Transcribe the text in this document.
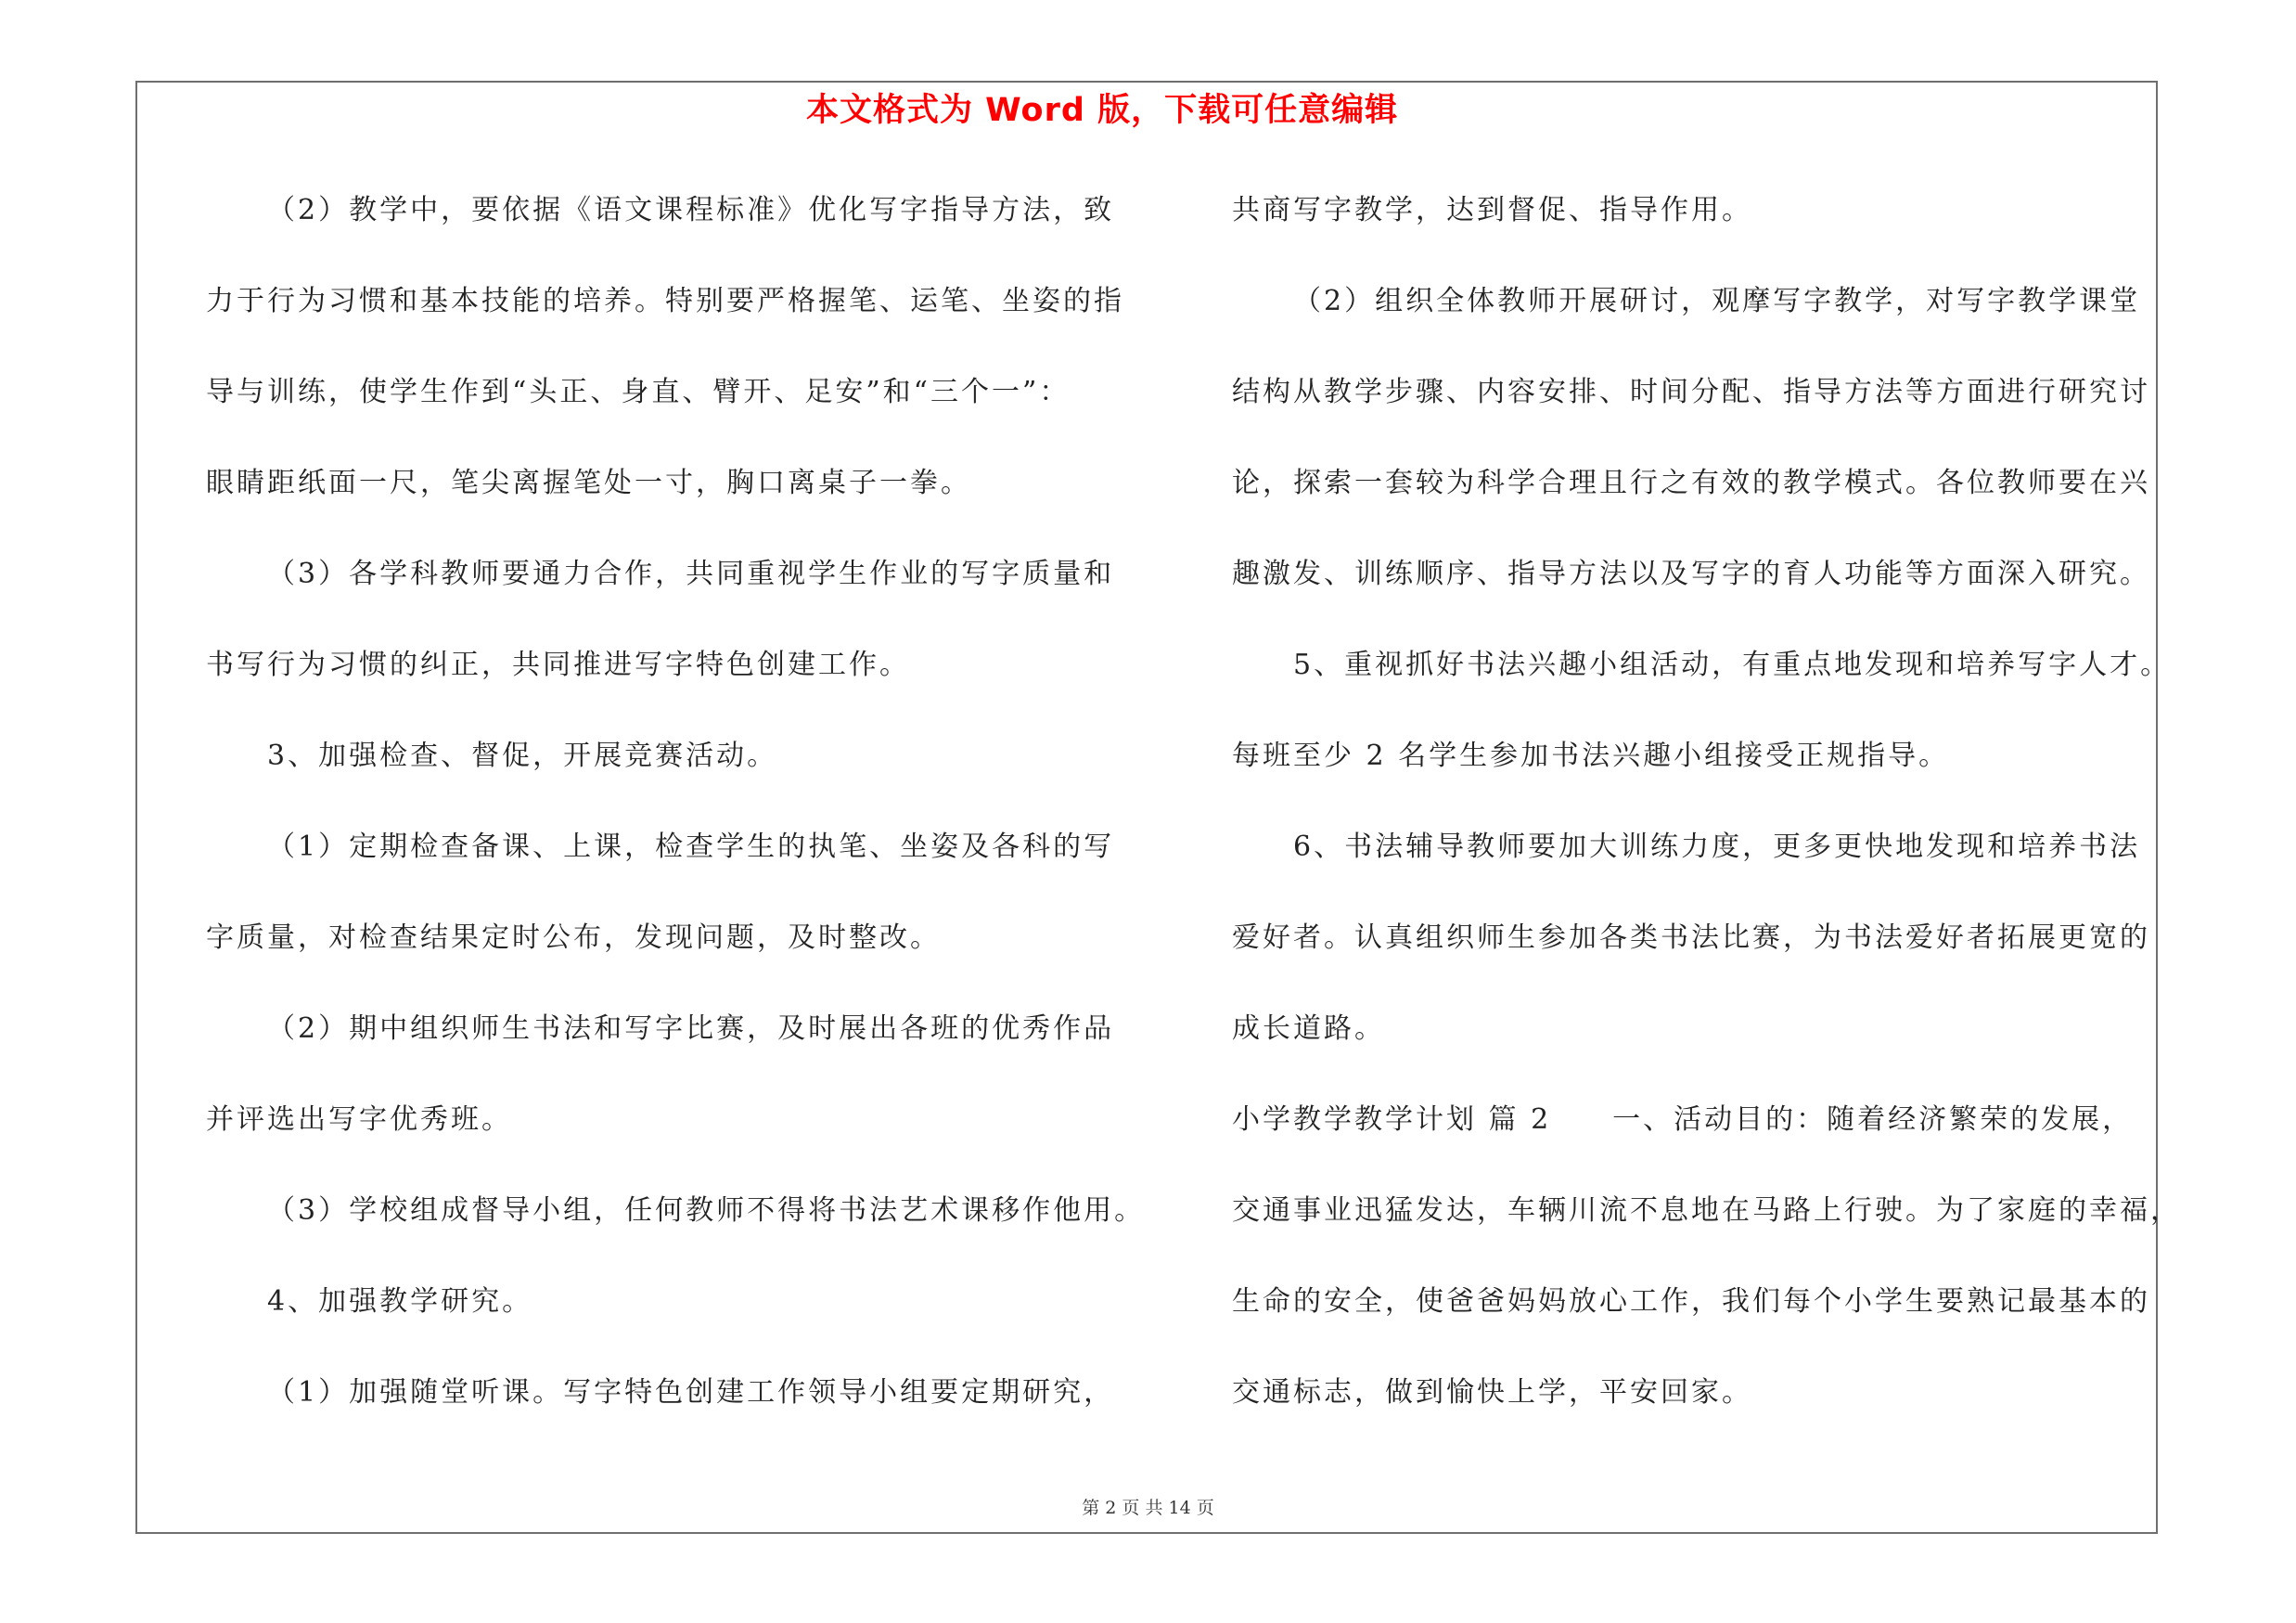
本文格式为 Word 版，下载可任意编辑
（2）教学中，要依据《语文课程标准》优化写字指导方法，致
力于行为习惯和基本技能的培养。特别要严格握笔、运笔、坐姿的指
导与训练，使学生作到“头正、身直、臂开、足安”和“三个一”：
眼睛距纸面一尺，笔尖离握笔处一寸，胸口离桌子一拳。
（3）各学科教师要通力合作，共同重视学生作业的写字质量和
书写行为习惯的纠正，共同推进写字特色创建工作。
3、加强检查、督促，开展竞赛活动。
（1）定期检查备课、上课，检查学生的执笔、坐姿及各科的写
字质量，对检查结果定时公布，发现问题，及时整改。
（2）期中组织师生书法和写字比赛，及时展出各班的优秀作品
并评选出写字优秀班。
（3）学校组成督导小组，任何教师不得将书法艺术课移作他用。
4、加强教学研究。
（1）加强随堂听课。写字特色创建工作领导小组要定期研究，
共商写字教学，达到督促、指导作用。
（2）组织全体教师开展研讨，观摩写字教学，对写字教学课堂
结构从教学步骤、内容安排、时间分配、指导方法等方面进行研究讨
论，探索一套较为科学合理且行之有效的教学模式。各位教师要在兴
趣激发、训练顺序、指导方法以及写字的育人功能等方面深入研究。
5、重视抓好书法兴趣小组活动，有重点地发现和培养写字人才。
每班至少 2 名学生参加书法兴趣小组接受正规指导。
6、书法辅导教师要加大训练力度，更多更快地发现和培养书法
爱好者。认真组织师生参加各类书法比赛，为书法爱好者拓展更宽的
成长道路。
小学教学教学计划 篇 2　　一、活动目的：随着经济繁荣的发展，
交通事业迅猛发达，车辆川流不息地在马路上行驶。为了家庭的幸福，
生命的安全，使爸爸妈妈放心工作，我们每个小学生要熟记最基本的
交通标志，做到愉快上学，平安回家。
第 2 页 共 14 页
